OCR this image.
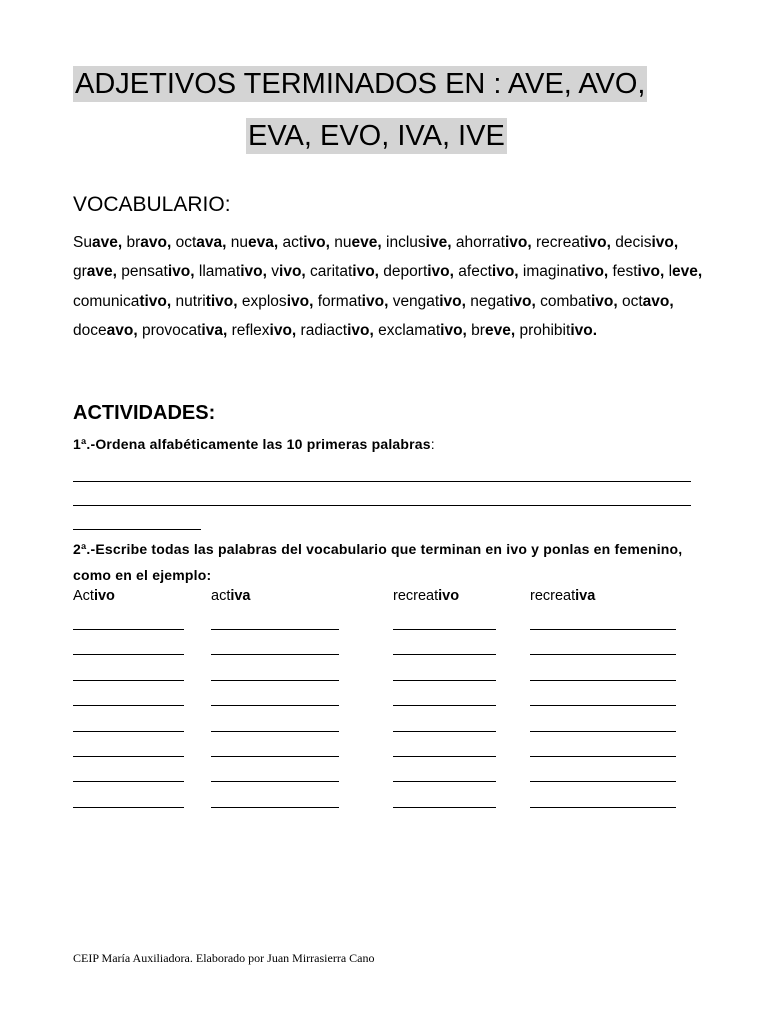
ADJETIVOS TERMINADOS EN : AVE, AVO,
EVA, EVO, IVA, IVE
VOCABULARIO:

Suave, bravo, octava, nueva, activo, nueve, inclusive, ahorrativo, recreativo, decisivo, grave, pensativo, llamativo, vivo, caritativo, deportivo, afectivo, imaginativo, festivo, leve, comunicativo, nutritivo, explosivo, formativo, vengativo, negativo, combativo, octavo, doceavo, provocativa, reflexivo, radiactivo, exclamativo, breve, prohibitivo.

ACTIVIDADES:

1ª.-Ordena alfabéticamente las 10 primeras palabras:

2ª.-Escribe todas las palabras del vocabulario que terminan en ivo y ponlas en femenino, como en el ejemplo:

Activo	activa	recreativo	recreativa
CEIP María Auxiliadora. Elaborado por Juan Mirrasierra Cano
